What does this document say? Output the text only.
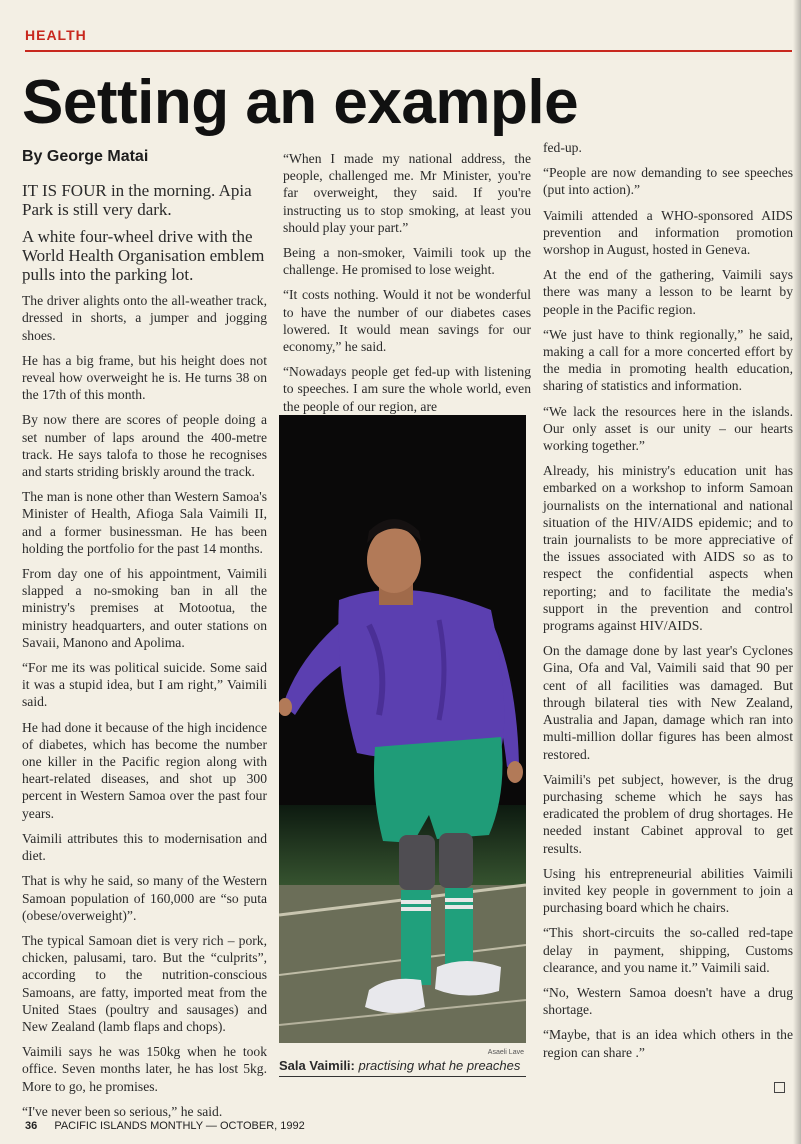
HEALTH
Setting an example
By George Matai

IT IS FOUR in the morning. Apia Park is still very dark.

A white four-wheel drive with the World Health Organisation emblem pulls into the parking lot.

The driver alights onto the all-weather track, dressed in shorts, a jumper and jogging shoes.

He has a big frame, but his height does not reveal how overweight he is. He turns 38 on the 17th of this month.

By now there are scores of people doing a set number of laps around the 400-metre track. He says talofa to those he recognises and starts striding briskly around the track.

The man is none other than Western Samoa's Minister of Health, Afioga Sala Vaimili II, and a former businessman. He has been holding the portfolio for the past 14 months.

From day one of his appointment, Vaimili slapped a no-smoking ban in all the ministry's premises at Motootua, the ministry headquarters, and outer stations on Savaii, Manono and Apolima.

“For me its was political suicide. Some said it was a stupid idea, but I am right,” Vaimili said.

He had done it because of the high incidence of diabetes, which has become the number one killer in the Pacific region along with heart-related diseases, and shot up 300 percent in Western Samoa over the past four years.

Vaimili attributes this to modernisation and diet.

That is why he said, so many of the Western Samoan population of 160,000 are “so puta (obese/overweight)”.

The typical Samoan diet is very rich – pork, chicken, palusami, taro. But the “culprits”, according to the nutrition-conscious Samoans, are fatty, imported meat from the United Staes (poultry and sausages) and New Zealand (lamb flaps and chops).

Vaimili says he was 150kg when he took office. Seven months later, he has lost 5kg. More to go, he promises.

“I've never been so serious,” he said.

“When I made my national address, the people, challenged me. Mr Minister, you're far overweight, they said. If you're instructing us to stop smoking, at least you should play your part.”

Being a non-smoker, Vaimili took up the challenge. He promised to lose weight.

“It costs nothing. Would it not be wonderful to have the number of our diabetes cases lowered. It would mean savings for our economy,” he said.

“Nowadays people get fed-up with listening to speeches. I am sure the whole world, even the people of our region, are

Asaeli Lave
Sala Vaimili: practising what he preaches

fed-up.

“People are now demanding to see speeches (put into action).”

Vaimili attended a WHO-sponsored AIDS prevention and information promotion worshop in August, hosted in Geneva.

At the end of the gathering, Vaimili says there was many a lesson to be learnt by people in the Pacific region.

“We just have to think regionally,” he said, making a call for a more concerted effort by the media in promoting health education, sharing of statistics and information.

“We lack the resources here in the islands. Our only asset is our unity – our hearts working together.”

Already, his ministry's education unit has embarked on a workshop to inform Samoan journalists on the international and national situation of the HIV/AIDS epidemic; and to train journalists to be more appreciative of the issues associated with AIDS so as to respect the confidential aspects when reporting; and to facilitate the media's support in the prevention and control programs against HIV/AIDS.

On the damage done by last year's Cyclones Gina, Ofa and Val, Vaimili said that 90 per cent of all facilities was damaged. But through bilateral ties with New Zealand, Australia and Japan, damage which ran into multi-million dollar figures has been almost restored.

Vaimili's pet subject, however, is the drug purchasing scheme which he says has eradicated the problem of drug shortages. He needed instant Cabinet approval to get results.

Using his entrepreneurial abilities Vaimili invited key people in government to join a purchasing board which he chairs.

“This short-circuits the so-called red-tape delay in payment, shipping, Customs clearance, and you name it.” Vaimili said.

“No, Western Samoa doesn't have a drug shortage.

“Maybe, that is an idea which others in the region can share .”

36 PACIFIC ISLANDS MONTHLY — OCTOBER, 1992
